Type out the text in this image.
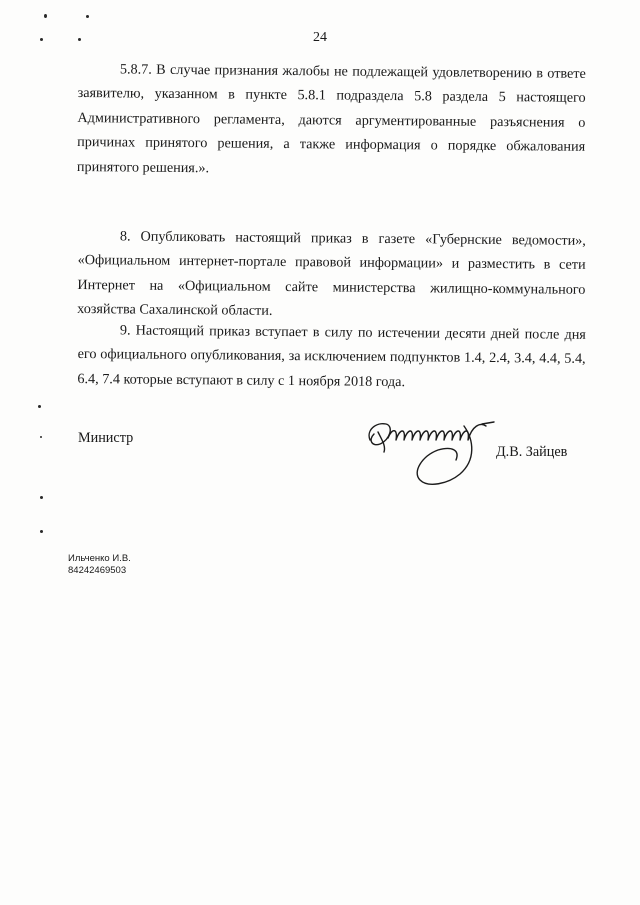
24

5.8.7. В случае признания жалобы не подлежащей удовлетворению в ответе заявителю, указанном в пункте 5.8.1 подраздела 5.8 раздела 5 настоящего Административного регламента, даются аргументированные разъяснения о причинах принятого решения, а также информация о порядке обжалования принятого решения.».

8. Опубликовать настоящий приказ в газете «Губернские ведомости», «Официальном интернет-портале правовой информации» и разместить в сети Интернет на «Официальном сайте министерства жилищно-коммунального хозяйства Сахалинской области.

9. Настоящий приказ вступает в силу по истечении десяти дней после дня его официального опубликования, за исключением подпунктов 1.4, 2.4, 3.4, 4.4, 5.4, 6.4, 7.4 которые вступают в силу с 1 ноября 2018 года.

Министр
Д.В. Зайцев
Ильченко И.В.
84242469503
